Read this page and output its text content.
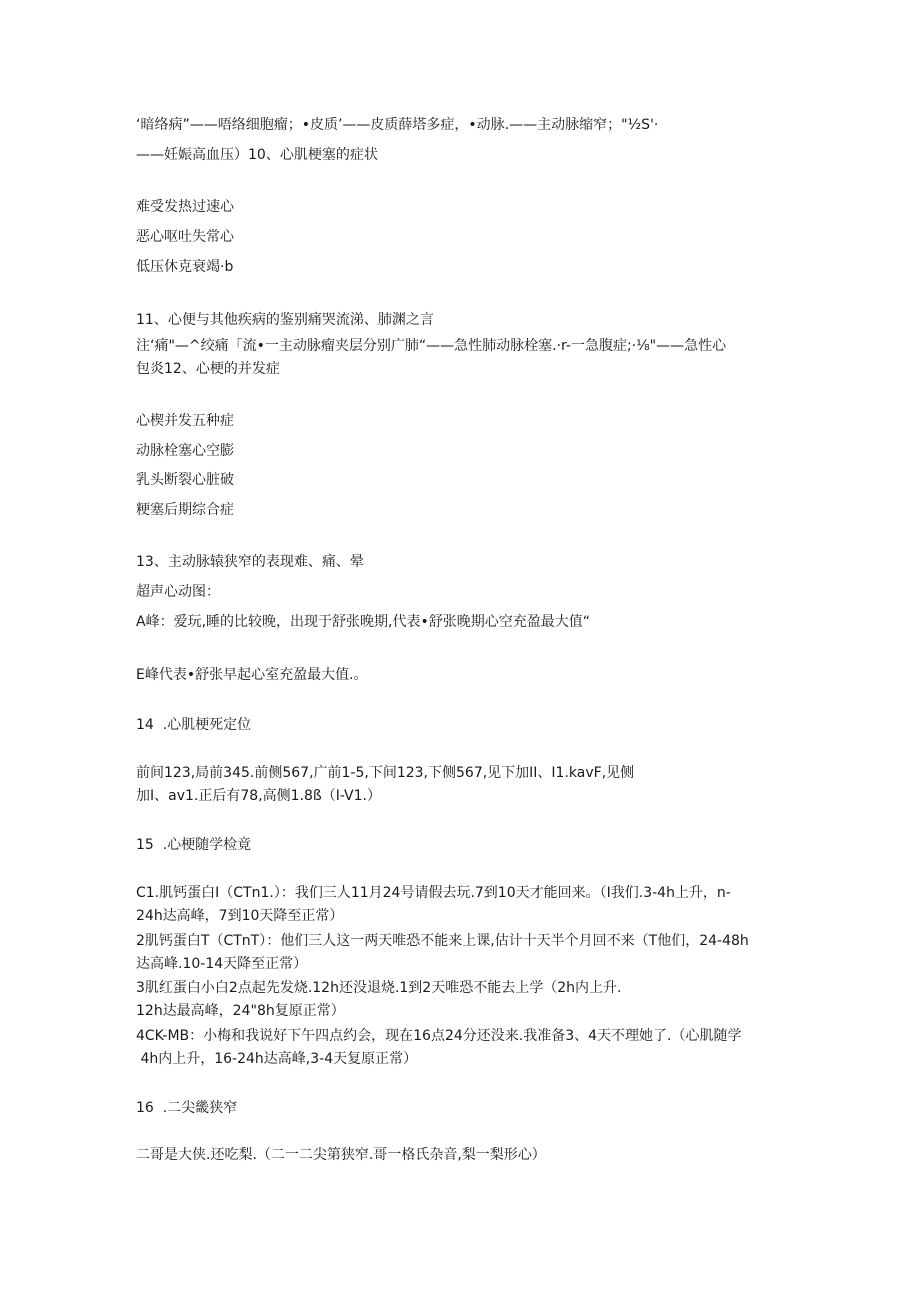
‘暗络病”——唔络细胞瘤；•皮质’——皮质薛塔多症，•动脉.——主动脉缩窄；"½S'·
——妊娠高血压）10、心肌梗塞的症状
难受发热过速心
恶心呕吐失常心
低压休克衰竭·b
11、心便与其他疾病的鉴别痛哭流涕、肺渊之言
注‘痛"—^绞痛「流•一主动脉瘤夹层分别广肺“——急性肺动脉栓塞.·r-一急腹症;·⅛"——急性心
包炎12、心梗的并发症
心楔并发五种症
动脉栓塞心空膨
乳头断裂心脏破
粳塞后期综合症
13、主动脉辕狭窄的表现难、痛、晕
超声心动图：
A峰：爱玩,睡的比较晚，出现于舒张晚期,代表•舒张晚期心空充盈最大值“
E峰代表•舒张早起心室充盈最大值.。
14  .心肌梗死定位
前间123,局前345.前侧567,广前1-5,下间123,下侧567,见下加II、I1.kavF,见侧
加I、av1.正后有78,高侧1.8ß（I-V1.）
15  .心梗随学检竟
C1.肌钙蛋白I（CTn1.）：我们三人11月24号请假去玩.7到10天才能回来。（I我们.3-4h上升，n-
24h达高峰，7到10天降至正常）
2肌钙蛋白T（CTnT）：他们三人这一两天唯恐不能来上课,估计十天半个月回不来（T他们，24-48h
达高峰.10-14天降至正常）
3肌红蛋白小白2点起先发烧.12h还没退烧.1到2天唯恐不能去上学（2h内上升.
12h达最高峰，24"8h复原正常）
4CK-MB：小梅和我说好下午四点约会，现在16点24分还没来.我准备3、4天不理她了.（心肌随学
4h内上升，16-24h达高峰,3-4天复原正常）
16  .二尖畿狭窄
二哥是大侠.还吃梨.（二一二尖第狭窄.哥一格氏杂音,梨一梨形心）
